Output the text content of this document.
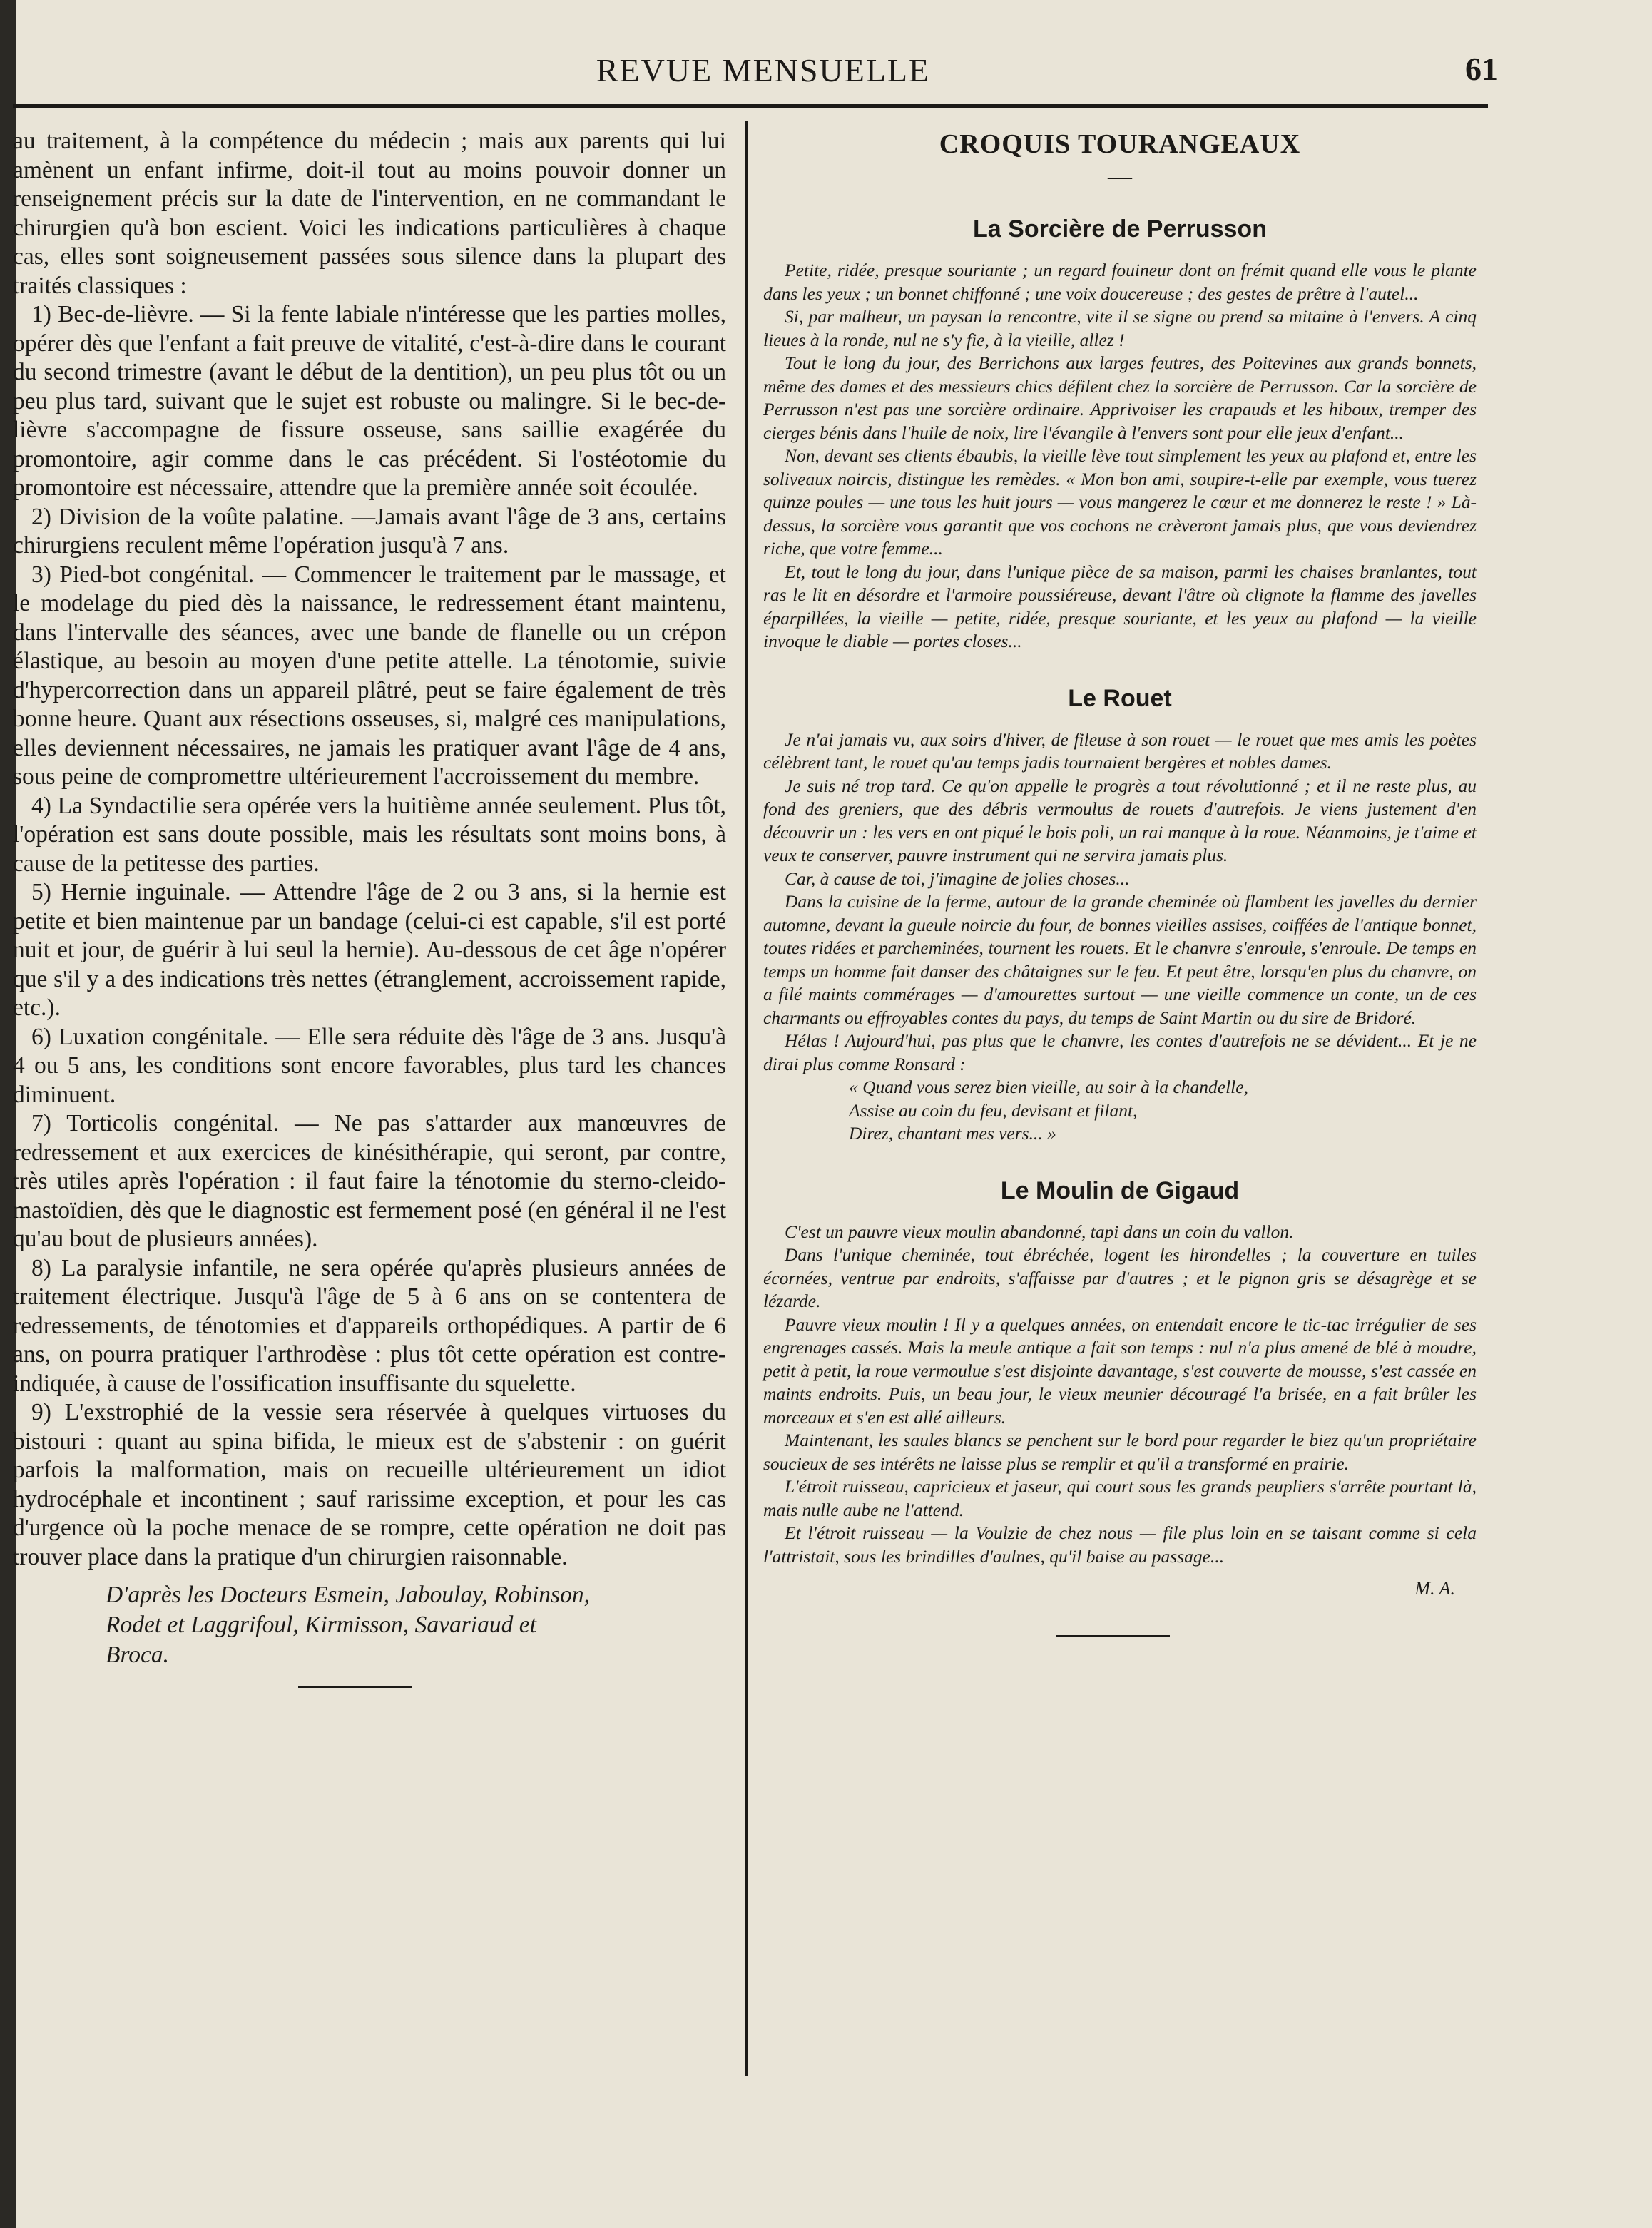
REVUE MENSUELLE	61

au traitement, à la compétence du médecin ; mais aux parents qui lui amènent un enfant infirme, doit-il tout au moins pouvoir donner un renseignement précis sur la date de l'intervention, en ne commandant le chirurgien qu'à bon escient. Voici les indications particulières à chaque cas, elles sont soigneusement passées sous silence dans la plupart des traités classiques :

1) Bec-de-lièvre. — Si la fente labiale n'intéresse que les parties molles, opérer dès que l'enfant a fait preuve de vitalité, c'est-à-dire dans le courant du second trimestre (avant le début de la dentition), un peu plus tôt ou un peu plus tard, suivant que le sujet est robuste ou malingre. Si le bec-de-lièvre s'accompagne de fissure osseuse, sans saillie exagérée du promontoire, agir comme dans le cas précédent. Si l'ostéotomie du promontoire est nécessaire, attendre que la première année soit écoulée.

2) Division de la voûte palatine. —Jamais avant l'âge de 3 ans, certains chirurgiens reculent même l'opération jusqu'à 7 ans.

3) Pied-bot congénital. — Commencer le traitement par le massage, et le modelage du pied dès la naissance, le redressement étant maintenu, dans l'intervalle des séances, avec une bande de flanelle ou un crépon élastique, au besoin au moyen d'une petite attelle. La ténotomie, suivie d'hypercorrection dans un appareil plâtré, peut se faire également de très bonne heure. Quant aux résections osseuses, si, malgré ces manipulations, elles deviennent nécessaires, ne jamais les pratiquer avant l'âge de 4 ans, sous peine de compromettre ultérieurement l'accroissement du membre.

4) La Syndactilie sera opérée vers la huitième année seulement. Plus tôt, l'opération est sans doute possible, mais les résultats sont moins bons, à cause de la petitesse des parties.

5) Hernie inguinale. — Attendre l'âge de 2 ou 3 ans, si la hernie est petite et bien maintenue par un bandage (celui-ci est capable, s'il est porté nuit et jour, de guérir à lui seul la hernie). Au-dessous de cet âge n'opérer que s'il y a des indications très nettes (étranglement, accroissement rapide, etc.).

6) Luxation congénitale. — Elle sera réduite dès l'âge de 3 ans. Jusqu'à 4 ou 5 ans, les conditions sont encore favorables, plus tard les chances diminuent.

7) Torticolis congénital. — Ne pas s'attarder aux manœuvres de redressement et aux exercices de kinésithérapie, qui seront, par contre, très utiles après l'opération : il faut faire la ténotomie du sterno-cleido-mastoïdien, dès que le diagnostic est fermement posé (en général il ne l'est qu'au bout de plusieurs années).

8) La paralysie infantile, ne sera opérée qu'après plusieurs années de traitement électrique. Jusqu'à l'âge de 5 à 6 ans on se contentera de redressements, de ténotomies et d'appareils orthopédiques. A partir de 6 ans, on pourra pratiquer l'arthrodèse : plus tôt cette opération est contre-indiquée, à cause de l'ossification insuffisante du squelette.

9) L'exstrophié de la vessie sera réservée à quelques virtuoses du bistouri : quant au spina bifida, le mieux est de s'abstenir : on guérit parfois la malformation, mais on recueille ultérieurement un idiot hydrocéphale et incontinent ; sauf rarissime exception, et pour les cas d'urgence où la poche menace de se rompre, cette opération ne doit pas trouver place dans la pratique d'un chirurgien raisonnable.

D'après les Docteurs Esmein, Jaboulay, Robinson,
Rodet et Laggrifoul, Kirmisson, Savariaud et
Broca.
CROQUIS TOURANGEAUX
—
La Sorcière de Perrusson

Petite, ridée, presque souriante ; un regard fouineur dont on frémit quand elle vous le plante dans les yeux ; un bonnet chiffonné ; une voix doucereuse ; des gestes de prêtre à l'autel...

Si, par malheur, un paysan la rencontre, vite il se signe ou prend sa mitaine à l'envers. A cinq lieues à la ronde, nul ne s'y fie, à la vieille, allez !

Tout le long du jour, des Berrichons aux larges feutres, des Poitevines aux grands bonnets, même des dames et des messieurs chics défilent chez la sorcière de Perrusson. Car la sorcière de Perrusson n'est pas une sorcière ordinaire. Apprivoiser les crapauds et les hiboux, tremper des cierges bénis dans l'huile de noix, lire l'évangile à l'envers sont pour elle jeux d'enfant...

Non, devant ses clients ébaubis, la vieille lève tout simplement les yeux au plafond et, entre les soliveaux noircis, distingue les remèdes. « Mon bon ami, soupire-t-elle par exemple, vous tuerez quinze poules — une tous les huit jours — vous mangerez le cœur et me donnerez le reste ! » Là-dessus, la sorcière vous garantit que vos cochons ne crèveront jamais plus, que vous deviendrez riche, que votre femme...

Et, tout le long du jour, dans l'unique pièce de sa maison, parmi les chaises branlantes, tout ras le lit en désordre et l'armoire poussiéreuse, devant l'âtre où clignote la flamme des javelles éparpillées, la vieille — petite, ridée, presque souriante, et les yeux au plafond — la vieille invoque le diable — portes closes...

Le Rouet

Je n'ai jamais vu, aux soirs d'hiver, de fileuse à son rouet — le rouet que mes amis les poètes célèbrent tant, le rouet qu'au temps jadis tournaient bergères et nobles dames.

Je suis né trop tard. Ce qu'on appelle le progrès a tout révolutionné ; et il ne reste plus, au fond des greniers, que des débris vermoulus de rouets d'autrefois. Je viens justement d'en découvrir un : les vers en ont piqué le bois poli, un rai manque à la roue. Néanmoins, je t'aime et veux te conserver, pauvre instrument qui ne servira jamais plus.

Car, à cause de toi, j'imagine de jolies choses...

Dans la cuisine de la ferme, autour de la grande cheminée où flambent les javelles du dernier automne, devant la gueule noircie du four, de bonnes vieilles assises, coiffées de l'antique bonnet, toutes ridées et parcheminées, tournent les rouets. Et le chanvre s'enroule, s'enroule. De temps en temps un homme fait danser des châtaignes sur le feu. Et peut être, lorsqu'en plus du chanvre, on a filé maints commérages — d'amourettes surtout — une vieille commence un conte, un de ces charmants ou effroyables contes du pays, du temps de Saint Martin ou du sire de Bridoré.

Hélas ! Aujourd'hui, pas plus que le chanvre, les contes d'autrefois ne se dévident... Et je ne dirai plus comme Ronsard :

« Quand vous serez bien vieille, au soir à la chandelle,
Assise au coin du feu, devisant et filant,
Direz, chantant mes vers... »
Le Moulin de Gigaud

C'est un pauvre vieux moulin abandonné, tapi dans un coin du vallon.

Dans l'unique cheminée, tout ébréchée, logent les hirondelles ; la couverture en tuiles écornées, ventrue par endroits, s'affaisse par d'autres ; et le pignon gris se désagrège et se lézarde.

Pauvre vieux moulin ! Il y a quelques années, on entendait encore le tic-tac irrégulier de ses engrenages cassés. Mais la meule antique a fait son temps : nul n'a plus amené de blé à moudre, petit à petit, la roue vermoulue s'est disjointe davantage, s'est couverte de mousse, s'est cassée en maints endroits. Puis, un beau jour, le vieux meunier découragé l'a brisée, en a fait brûler les morceaux et s'en est allé ailleurs.

Maintenant, les saules blancs se penchent sur le bord pour regarder le biez qu'un propriétaire soucieux de ses intérêts ne laisse plus se remplir et qu'il a transformé en prairie.

L'étroit ruisseau, capricieux et jaseur, qui court sous les grands peupliers s'arrête pourtant là, mais nulle aube ne l'attend.

Et l'étroit ruisseau — la Voulzie de chez nous — file plus loin en se taisant comme si cela l'attristait, sous les brindilles d'aulnes, qu'il baise au passage...

M. A.
